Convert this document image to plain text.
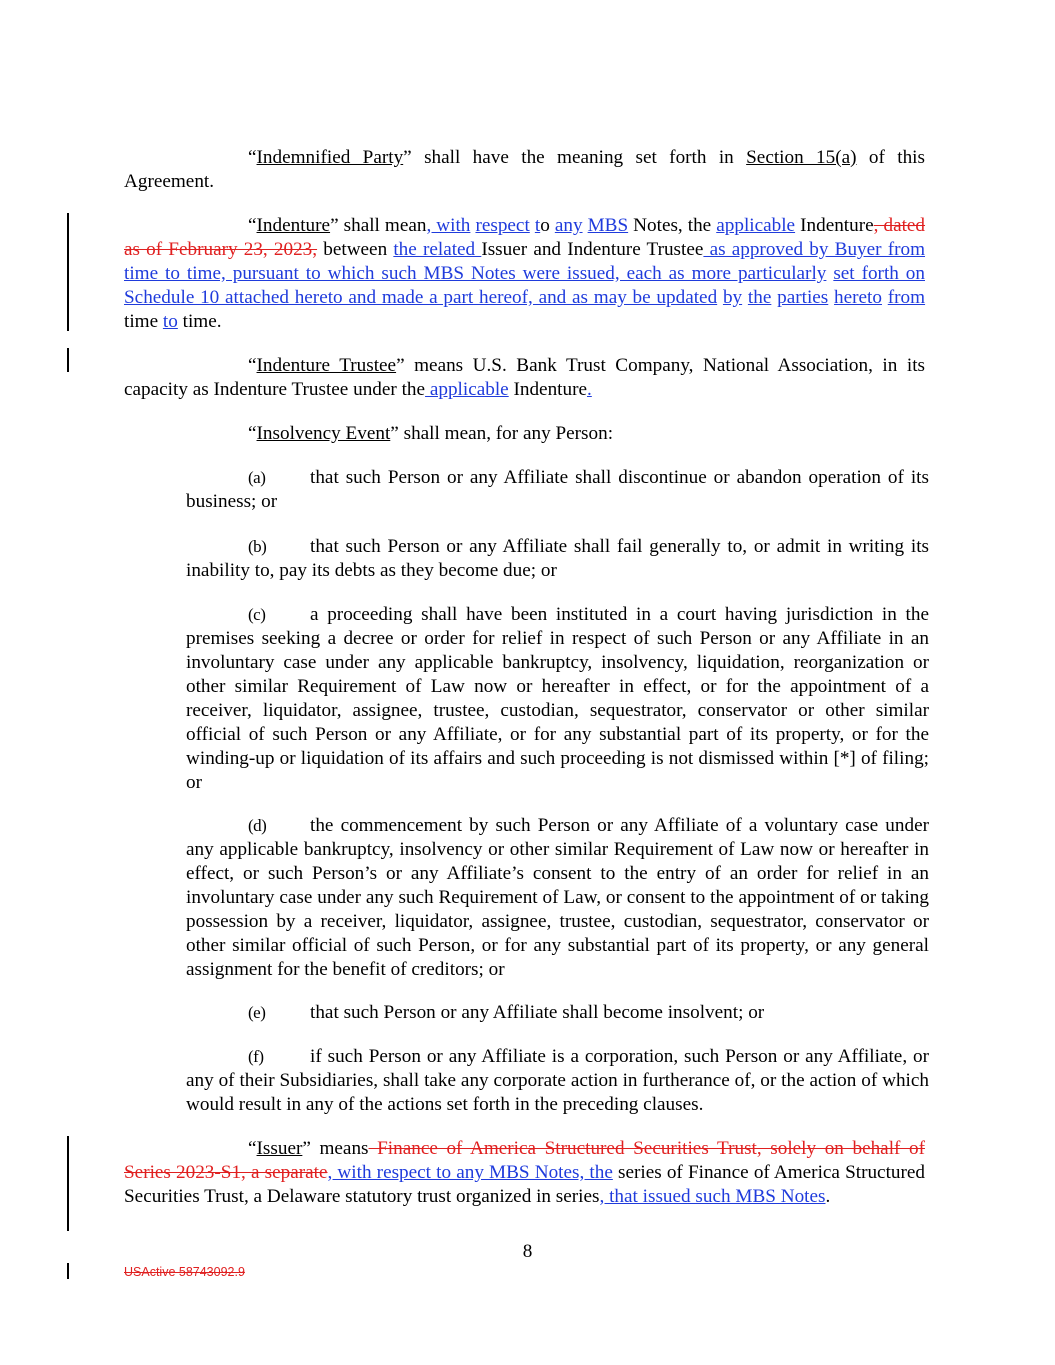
“Indemnified Party” shall have the meaning set forth in Section 15(a) of this Agreement.

“Indenture” shall mean, with respect to any MBS Notes, the applicable Indenture, dated as of February 23, 2023, between the related Issuer and Indenture Trustee as approved by Buyer from time to time, pursuant to which such MBS Notes were issued, each as more particularly set forth on Schedule 10 attached hereto and made a part hereof, and as may be updated by the parties hereto from time to time.

“Indenture Trustee” means U.S. Bank Trust Company, National Association, in its capacity as Indenture Trustee under the applicable Indenture.

“Insolvency Event” shall mean, for any Person:

(a) that such Person or any Affiliate shall discontinue or abandon operation of its business; or

(b) that such Person or any Affiliate shall fail generally to, or admit in writing its inability to, pay its debts as they become due; or

(c) a proceeding shall have been instituted in a court having jurisdiction in the premises seeking a decree or order for relief in respect of such Person or any Affiliate in an involuntary case under any applicable bankruptcy, insolvency, liquidation, reorganization or other similar Requirement of Law now or hereafter in effect, or for the appointment of a receiver, liquidator, assignee, trustee, custodian, sequestrator, conservator or other similar official of such Person or any Affiliate, or for any substantial part of its property, or for the winding-up or liquidation of its affairs and such proceeding is not dismissed within [*] of filing; or

(d) the commencement by such Person or any Affiliate of a voluntary case under any applicable bankruptcy, insolvency or other similar Requirement of Law now or hereafter in effect, or such Person’s or any Affiliate’s consent to the entry of an order for relief in an involuntary case under any such Requirement of Law, or consent to the appointment of or taking possession by a receiver, liquidator, assignee, trustee, custodian, sequestrator, conservator or other similar official of such Person, or for any substantial part of its property, or any general assignment for the benefit of creditors; or

(e) that such Person or any Affiliate shall become insolvent; or

(f) if such Person or any Affiliate is a corporation, such Person or any Affiliate, or any of their Subsidiaries, shall take any corporate action in furtherance of, or the action of which would result in any of the actions set forth in the preceding clauses.

“Issuer” means Finance of America Structured Securities Trust, solely on behalf of Series 2023-S1, a separate, with respect to any MBS Notes, the series of Finance of America Structured Securities Trust, a Delaware statutory trust organized in series, that issued such MBS Notes.

8
USActive 58743092.9
